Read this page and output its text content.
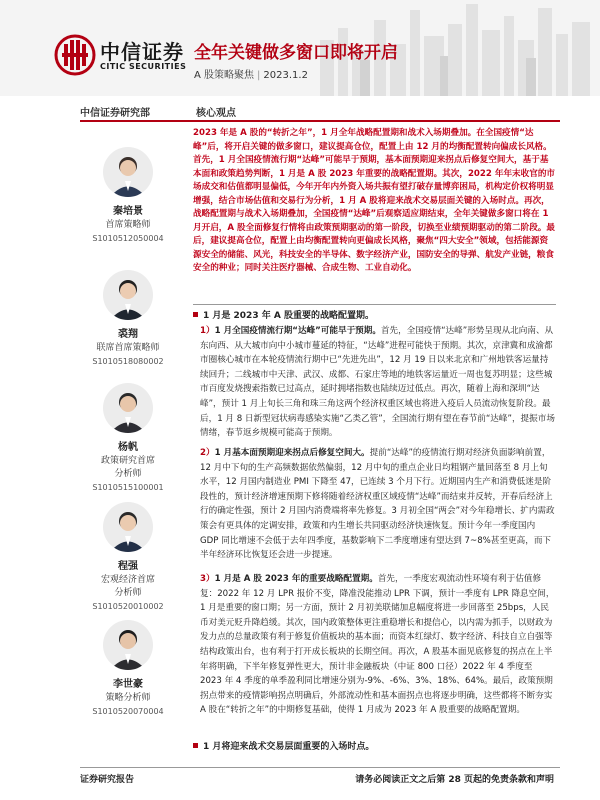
中信证券
CITIC SECURITIES
全年关键做多窗口即将开启
A 股策略聚焦 | 2023.1.2
中信证券研究部	核心观点
秦培景
首席策略师
S1010512050004
裘翔
联席首席策略师
S1010518080002
杨帆
政策研究首席
分析师
S1010515100001
程强
宏观经济首席
分析师
S1010520010002
李世豪
策略分析师
S1010520070004

2023 年是 A 股的“转折之年”，1 月全年战略配置期和战术入场期叠加。在全国疫情“达峰”后，将开启关键的做多窗口，建议提高仓位，配置上由 12 月的均衡配置转向偏成长风格。首先，1 月全国疫情流行期“达峰”可能早于预期，基本面预期迎来拐点后修复空间大，基于基本面和政策趋势判断，1 月是 A 股 2023 年重要的战略配置期。其次，2022 年年末收官的市场成交和估值都明显偏低，今年开年内外资入场共振有望打破存量博弈困局，机构定价权将明显增强，结合市场估值和交易行为分析，1 月 A 股将迎来战术交易层面关键的入场时点。再次，战略配置期与战术入场期叠加，全国疫情“达峰”后观察适应期结束，全年关键做多窗口将在 1 月开启，A 股全面修复行情将由政策预期驱动的第一阶段，切换至业绩预期驱动的第二阶段。最后，建议提高仓位，配置上由均衡配置转向更偏成长风格，聚焦“四大安全”领域，包括能源资源安全的储能、风光，科技安全的半导体、数字经济产业，国防安全的导弹、航发产业链，粮食安全的种业；同时关注医疗器械、合成生物、工业自动化。

1 月是 2023 年 A 股重要的战略配置期。

1）1 月全国疫情流行期“达峰”可能早于预期。首先，全国疫情“达峰”形势呈现从北向南、从东向西、从大城市向中小城市蔓延的特征，“达峰”进程可能快于预期。其次，京津冀和成渝都市圈核心城市在本轮疫情流行期中已“先进先出”，12 月 19 日以来北京和广州地铁客运量持续回升；二线城市中天津、武汉、成都、石家庄等地的地铁客运量近一周也复苏明显；这些城市百度发烧搜索指数已过高点，延时拥堵指数也陆续迈过低点。再次，随着上海和深圳“达峰”，预计 1 月上旬长三角和珠三角这两个经济权重区域也将进入疫后人员流动恢复阶段。最后，1 月 8 日新型冠状病毒感染实施“乙类乙管”，全国流行期有望在春节前“达峰”，提振市场情绪，春节返乡规模可能高于预期。

2）1 月基本面预期迎来拐点后修复空间大。提前“达峰”的疫情流行期对经济负面影响前置，12 月中下旬的生产高频数据依然偏弱，12 月中旬的重点企业日均粗钢产量回落至 8 月上旬水平，12 月国内制造业 PMI 下降至 47，已连续 3 个月下行。近期国内生产和消费低迷是阶段性的，预计经济增速预期下修将随着经济权重区域疫情“达峰”而结束并反转，开春后经济上行的确定性强，预计 2 月国内消费端将率先修复。3 月初全国“两会”对今年稳增长、扩内需政策会有更具体的定调安排，政策和内生增长共同驱动经济快速恢复。预计今年一季度国内 GDP 同比增速不会低于去年四季度，基数影响下二季度增速有望达到 7~8%甚至更高，而下半年经济环比恢复还会进一步提速。

3）1 月是 A 股 2023 年的重要战略配置期。首先，一季度宏观流动性环境有利于估值修复：2022 年 12 月 LPR 报价不变，降准没能推动 LPR 下调，预计一季度有 LPR 降息空间，1 月是重要的窗口期；另一方面，预计 2 月初美联储加息幅度将进一步回落至 25bps，人民币对美元贬升降趋缓。其次，国内政策整体更注重稳增长和提信心，以内需为抓手，以财政为发力点的总量政策有利于修复价值板块的基本面；而资本红绿灯、数字经济、科技自立自强等结构政策出台，也有利于打开成长板块的长期空间。再次，A 股基本面见底修复的拐点在上半年将明确，下半年修复弹性更大，预计非金融板块（中证 800 口径）2022 年 4 季度至 2023 年 4 季度的单季盈利同比增速分别为-9%、-6%、3%、18%、64%。最后，政策预期拐点带来的疫情影响拐点明确后，外部流动性和基本面拐点也将逐步明确，这些都将不断夯实 A 股在“转折之年”的中期修复基础，使得 1 月成为 2023 年 A 股重要的战略配置期。

1 月将迎来战术交易层面重要的入场时点。
证券研究报告	请务必阅读正文之后第 28 页起的免责条款和声明
